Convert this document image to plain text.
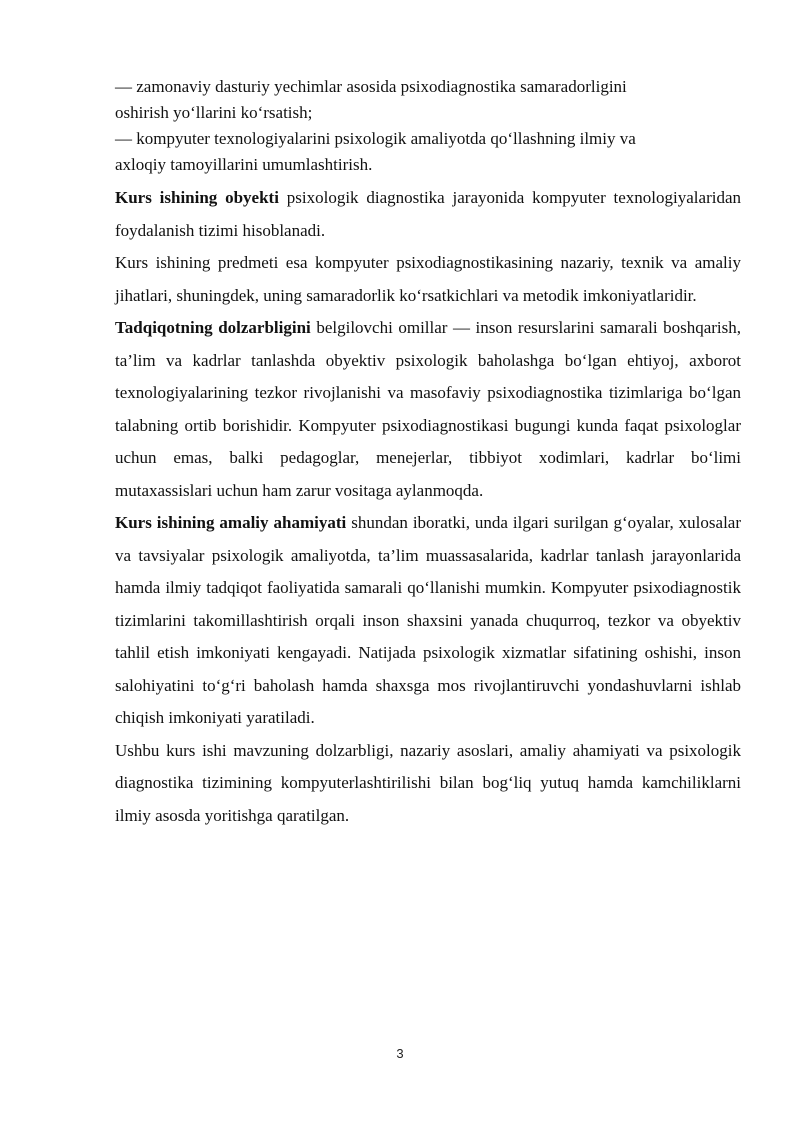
— zamonaviy dasturiy yechimlar asosida psixodiagnostika samaradorligini
oshirish yo‘llarini ko‘rsatish;
— kompyuter texnologiyalarini psixologik amaliyotda qo‘llashning ilmiy va
axloqiy tamoyillarini umumlashtirish.

Kurs ishining obyekti psixologik diagnostika jarayonida kompyuter texnologiyalaridan foydalanish tizimi hisoblanadi.

Kurs ishining predmeti esa kompyuter psixodiagnostikasining nazariy, texnik va amaliy jihatlari, shuningdek, uning samaradorlik ko‘rsatkichlari va metodik imkoniyatlaridir.

Tadqiqotning dolzarbligini belgilovchi omillar — inson resurslarini samarali boshqarish, ta’lim va kadrlar tanlashda obyektiv psixologik baholashga bo‘lgan ehtiyoj, axborot texnologiyalarining tezkor rivojlanishi va masofaviy psixodiagnostika tizimlariga bo‘lgan talabning ortib borishidir. Kompyuter psixodiagnostikasi bugungi kunda faqat psixologlar uchun emas, balki pedagoglar, menejerlar, tibbiyot xodimlari, kadrlar bo‘limi mutaxassislari uchun ham zarur vositaga aylanmoqda.

Kurs ishining amaliy ahamiyati shundan iboratki, unda ilgari surilgan g‘oyalar, xulosalar va tavsiyalar psixologik amaliyotda, ta’lim muassasalarida, kadrlar tanlash jarayonlarida hamda ilmiy tadqiqot faoliyatida samarali qo‘llanishi mumkin. Kompyuter psixodiagnostik tizimlarini takomillashtirish orqali inson shaxsini yanada chuqurroq, tezkor va obyektiv tahlil etish imkoniyati kengayadi. Natijada psixologik xizmatlar sifatining oshishi, inson salohiyatini to‘g‘ri baholash hamda shaxsga mos rivojlantiruvchi yondashuvlarni ishlab chiqish imkoniyati yaratiladi.

Ushbu kurs ishi mavzuning dolzarbligi, nazariy asoslari, amaliy ahamiyati va psixologik diagnostika tizimining kompyuterlashtirilishi bilan bog‘liq yutuq hamda kamchiliklarni ilmiy asosda yoritishga qaratilgan.

3
